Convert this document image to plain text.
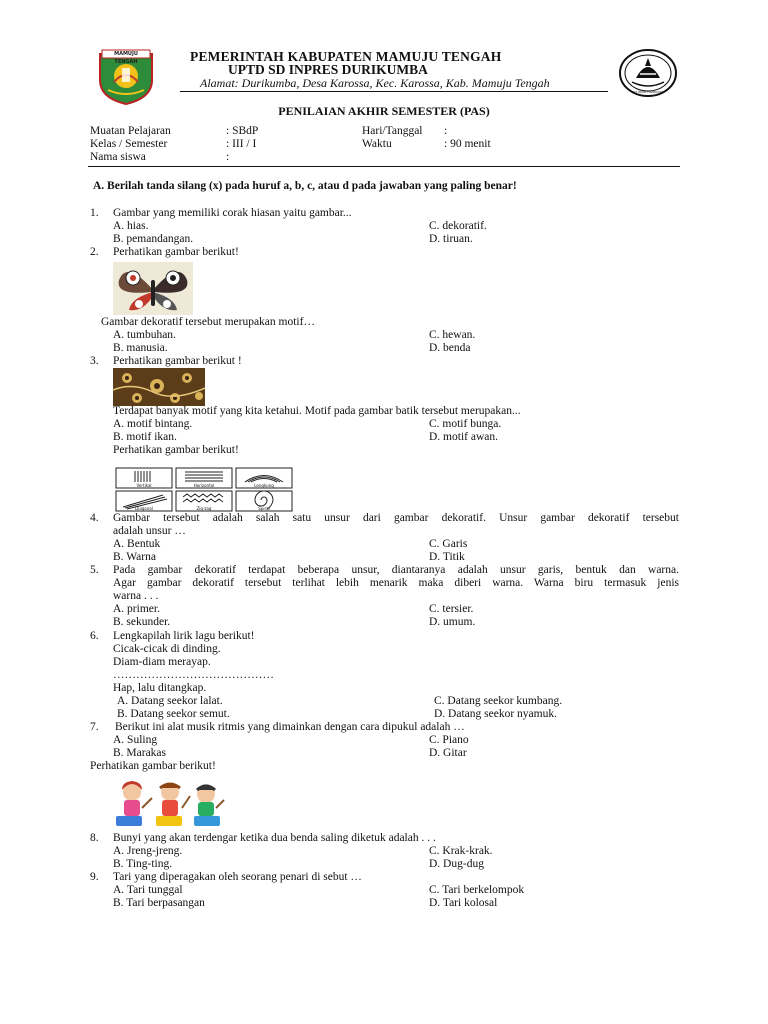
MAMUJU TENGAH	PEMERINTAH KABUPATEN MAMUJU TENGAH
UPTD SD INPRES DURIKUMBA
Alamat: Durikumba, Desa Karossa, Kec. Karossa, Kab. Mamuju Tengah
TUT WURI HANDAYANI
PENILAIAN AKHIR SEMESTER (PAS)
Muatan Pelajaran	: SBdP
Kelas / Semester	: III / I
Nama siswa	:
Hari/Tanggal :
Waktu	: 90 menit
A. Berilah tanda silang (x) pada huruf a, b, c, atau d pada jawaban yang paling benar!
1. Gambar yang memiliki corak hiasan yaitu gambar...
A. hias.
B. pemandangan.
C. dekoratif.
D. tiruan.
2. Perhatikan gambar berikut!
Gambar dekoratif tersebut merupakan motif…
A. tumbuhan.
B. manusia.
C. hewan.
D. benda
3. Perhatikan gambar berikut !
Terdapat banyak motif yang kita ketahui. Motif pada gambar batik tersebut merupakan...
A. motif bintang.
B. motif ikan.
C. motif bunga.
D. motif awan.
Perhatikan gambar berikut!
Vertikal	Horizontal	Lengkung
Diagonal	Zig-zag	Spiral
4. Gambar tersebut adalah salah satu unsur dari gambar dekoratif. Unsur gambar dekoratif tersebut
adalah unsur …
A. Bentuk
B. Warna
C. Garis
D. Titik
5. Pada gambar dekoratif terdapat beberapa unsur, diantaranya adalah unsur garis, bentuk dan warna.
Agar gambar dekoratif tersebut terlihat lebih menarik maka diberi warna. Warna biru termasuk jenis
warna . . .
A. primer.
B. sekunder.
C. tersier.
D. umum.
6. Lengkapilah lirik lagu berikut!
Cicak-cicak di dinding.
Diam-diam merayap.
……………………………………
Hap, lalu ditangkap.
A. Datang seekor lalat.
B. Datang seekor semut.
C. Datang seekor kumbang.
D. Datang seekor nyamuk.
7. Berikut ini alat musik ritmis yang dimainkan dengan cara dipukul adalah …
A. Suling
B. Marakas
C. Piano
D. Gitar
Perhatikan gambar berikut!
8. Bunyi yang akan terdengar ketika dua benda saling diketuk adalah . . .
A. Jreng-jreng.
B. Ting-ting.
C. Krak-krak.
D. Dug-dug
9. Tari yang diperagakan oleh seorang penari di sebut …
A. Tari tunggal
B. Tari berpasangan
C. Tari berkelompok
D. Tari kolosal
